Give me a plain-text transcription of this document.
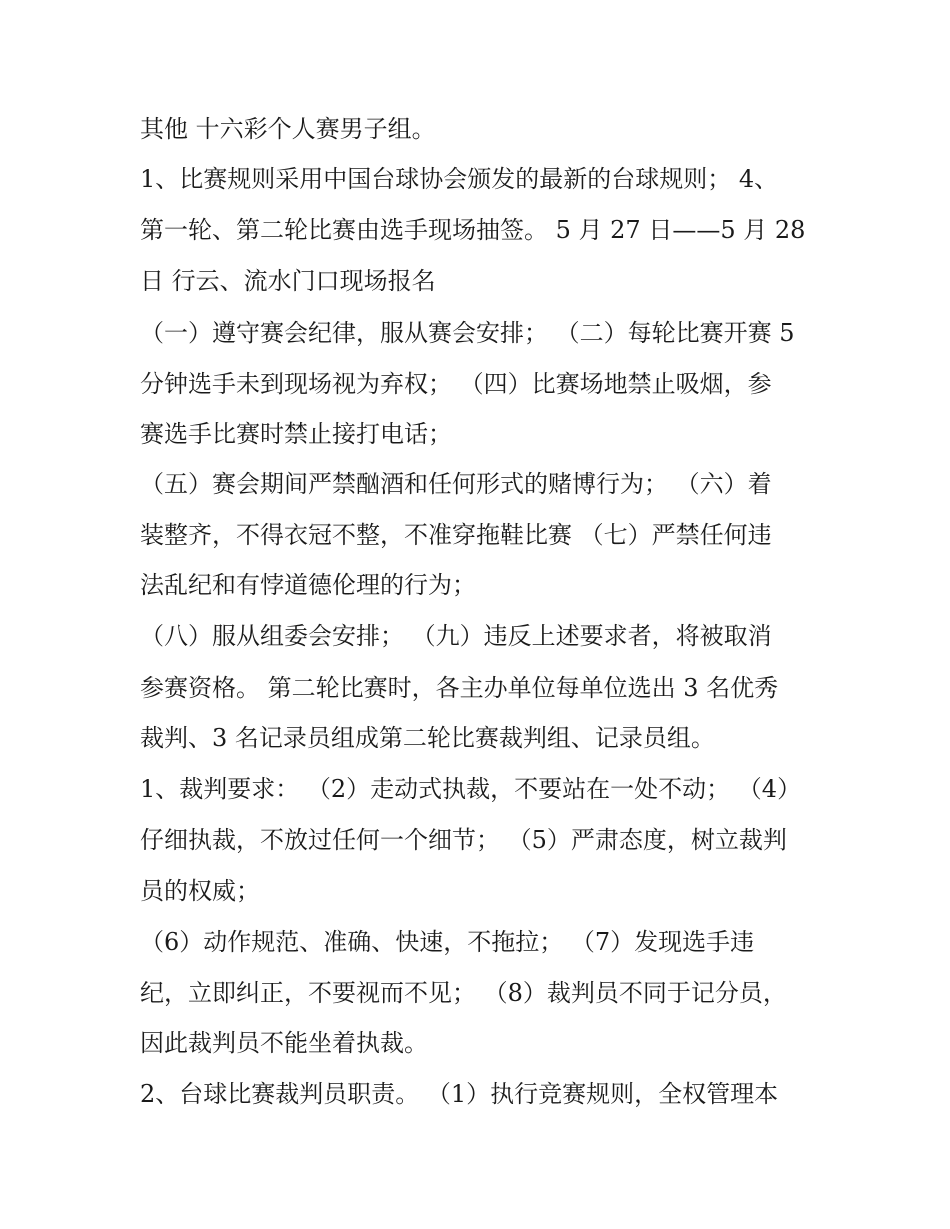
其他 十六彩个人赛男子组。
1、比赛规则采用中国台球协会颁发的最新的台球规则； 4、
第一轮、第二轮比赛由选手现场抽签。 5 月 27 日——5 月 28
日 行云、流水门口现场报名
（一）遵守赛会纪律，服从赛会安排； （二）每轮比赛开赛 5
分钟选手未到现场视为弃权； （四）比赛场地禁止吸烟，参
赛选手比赛时禁止接打电话；
（五）赛会期间严禁酗酒和任何形式的赌博行为； （六）着
装整齐，不得衣冠不整，不准穿拖鞋比赛 （七）严禁任何违
法乱纪和有悖道德伦理的行为；
（八）服从组委会安排； （九）违反上述要求者，将被取消
参赛资格。 第二轮比赛时，各主办单位每单位选出 3 名优秀
裁判、3 名记录员组成第二轮比赛裁判组、记录员组。
1、裁判要求： （2）走动式执裁，不要站在一处不动； （4）
仔细执裁，不放过任何一个细节； （5）严肃态度，树立裁判
员的权威；
（6）动作规范、准确、快速，不拖拉； （7）发现选手违
纪，立即纠正，不要视而不见； （8）裁判员不同于记分员，
因此裁判员不能坐着执裁。
2、台球比赛裁判员职责。 （1）执行竞赛规则，全权管理本
